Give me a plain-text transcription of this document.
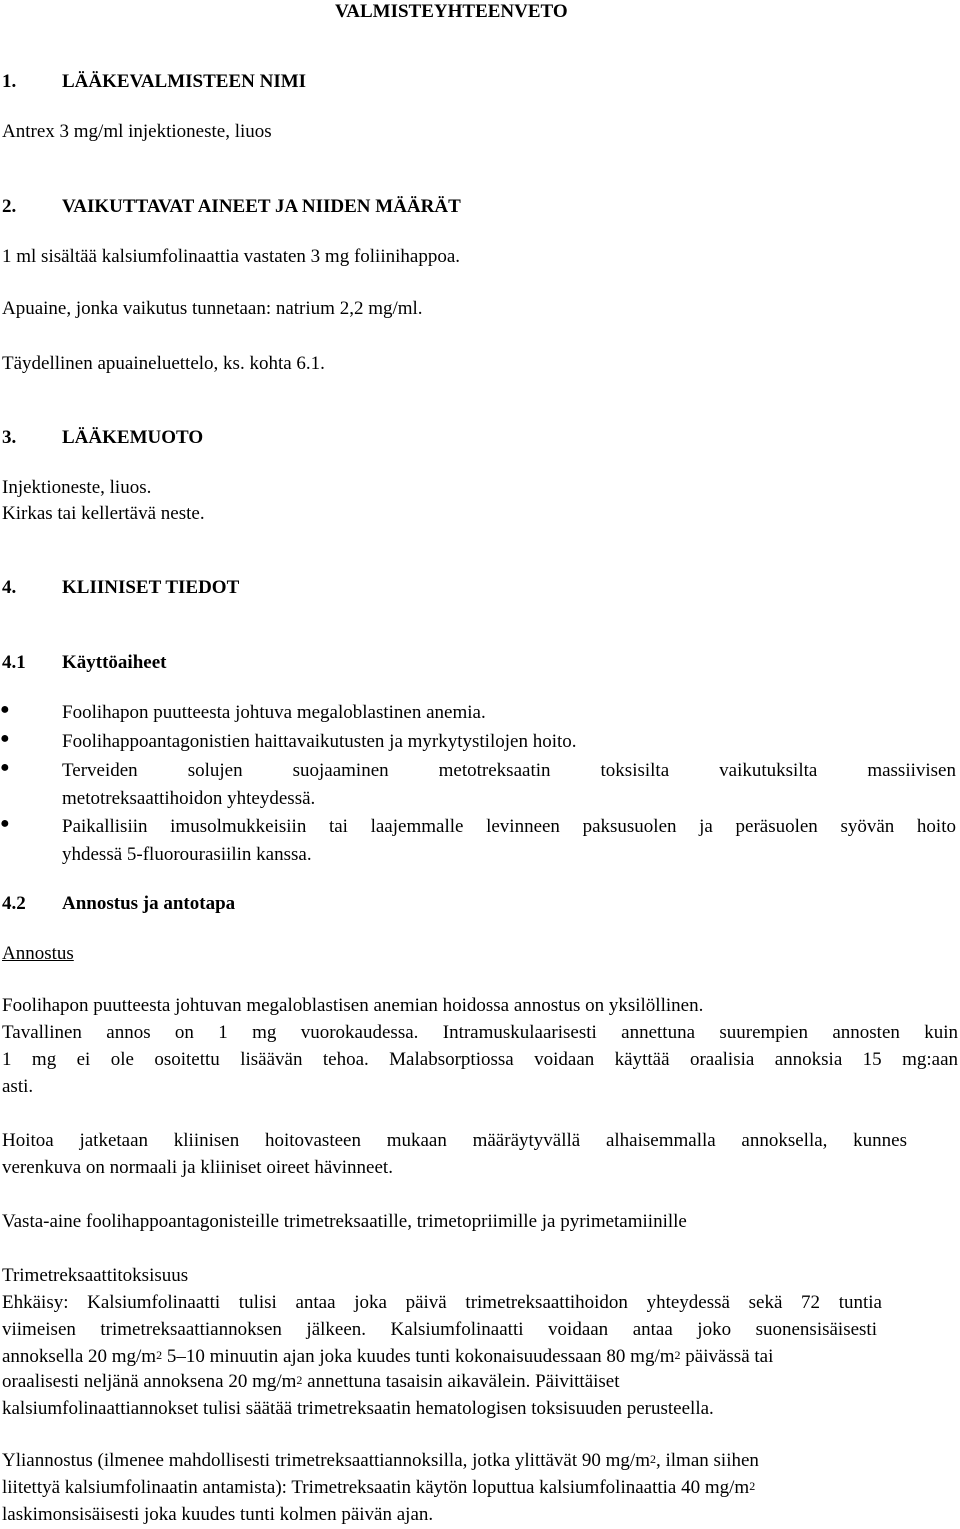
VALMISTEYHTEENVETO
1. LÄÄKEVALMISTEEN NIMI
Antrex 3 mg/ml injektioneste, liuos
2. VAIKUTTAVAT AINEET JA NIIDEN MÄÄRÄT
1 ml sisältää kalsiumfolinaattia vastaten 3 mg foliinihappoa.
Apuaine, jonka vaikutus tunnetaan: natrium 2,2 mg/ml.
Täydellinen apuaineluettelo, ks. kohta 6.1.
3. LÄÄKEMUOTO
Injektioneste, liuos.
Kirkas tai kellertävä neste.
4. KLIINISET TIEDOT
4.1 Käyttöaiheet
●	Foolihapon puutteesta johtuva megaloblastinen anemia.
●	Foolihappoantagonistien haittavaikutusten ja myrkytystilojen hoito.
●	Terveiden solujen suojaaminen metotreksaatin toksisilta vaikutuksilta massiivisen
metotreksaattihoidon yhteydessä.
●	Paikallisiin imusolmukkeisiin tai laajemmalle levinneen paksusuolen ja peräsuolen syövän hoito
yhdessä 5-fluorourasiilin kanssa.
4.2 Annostus ja antotapa
Annostus
Foolihapon puutteesta johtuvan megaloblastisen anemian hoidossa annostus on yksilöllinen.
Tavallinen annos on 1 mg vuorokaudessa. Intramuskulaarisesti annettuna suurempien annosten kuin
1 mg ei ole osoitettu lisäävän tehoa. Malabsorptiossa voidaan käyttää oraalisia annoksia 15 mg:aan
asti.
Hoitoa jatketaan kliinisen hoitovasteen mukaan määräytyvällä alhaisemmalla annoksella, kunnes
verenkuva on normaali ja kliiniset oireet hävinneet.
Vasta-aine foolihappoantagonisteille trimetreksaatille, trimetopriimille ja pyrimetamiinille
Trimetreksaattitoksisuus
Ehkäisy: Kalsiumfolinaatti tulisi antaa joka päivä trimetreksaattihoidon yhteydessä sekä 72 tuntia
viimeisen trimetreksaattiannoksen jälkeen. Kalsiumfolinaatti voidaan antaa joko suonensisäisesti
annoksella 20 $mg/m^2$ 5–10 minuutin ajan joka kuudes tunti kokonaisuudessaan 80 $mg/m^2$ päivässä tai
oraalisesti neljänä annoksena 20 $mg/m^2$ annettuna tasaisin aikavälein. Päivittäiset
kalsiumfolinaattiannokset tulisi säätää trimetreksaatin hematologisen toksisuuden perusteella.
Yliannostus (ilmenee mahdollisesti trimetreksaattiannoksilla, jotka ylittävät 90 $mg/m^2$, ilman siihen
liitettyä kalsiumfolinaatin antamista): Trimetreksaatin käytön loputtua kalsiumfolinaattia 40 $mg/m^2$
laskimonsisäisesti joka kuudes tunti kolmen päivän ajan.
